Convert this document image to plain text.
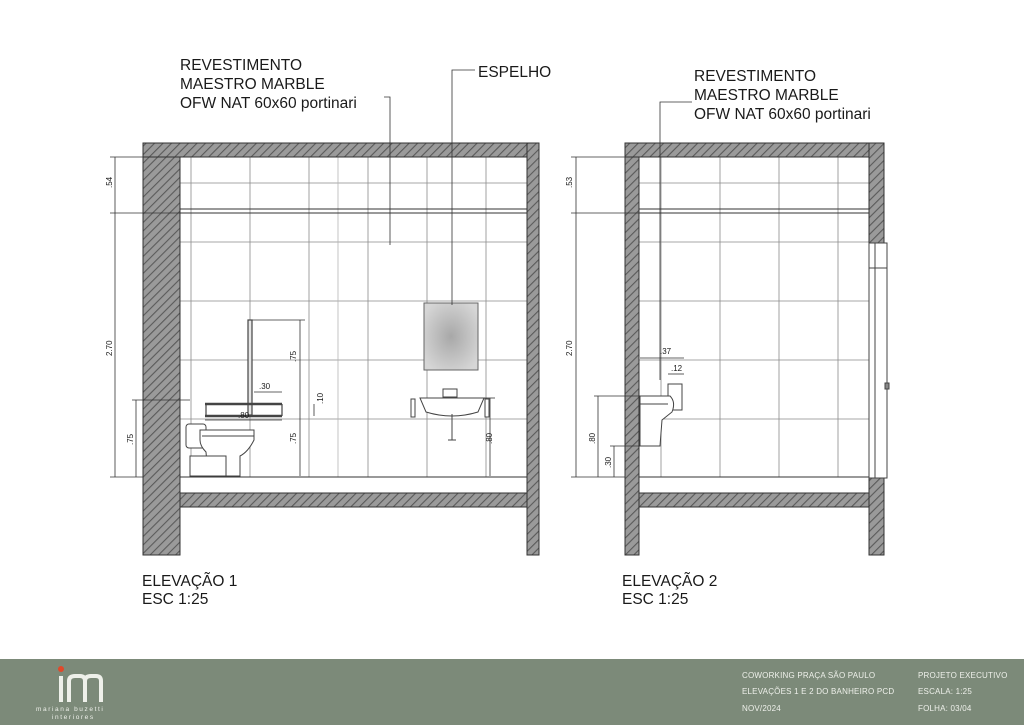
.54
2.70
.75
.75
.75
.10
.80
.30
.80
.53
2.70
.80
.30
.37
.12
REVESTIMENTO
MAESTRO MARBLE
OFW NAT 60x60 portinari
ESPELHO	REVESTIMENTO
MAESTRO MARBLE
OFW NAT 60x60 portinari
ELEVAÇÃO 1
ESC 1:25
ELEVAÇÃO 2
ESC 1:25
mariana buzetti
interiores
COWORKING PRAÇA SÃO PAULO
ELEVAÇÕES 1 E 2 DO BANHEIRO PCD
NOV/2024
PROJETO EXECUTIVO
ESCALA: 1:25
FOLHA: 03/04
